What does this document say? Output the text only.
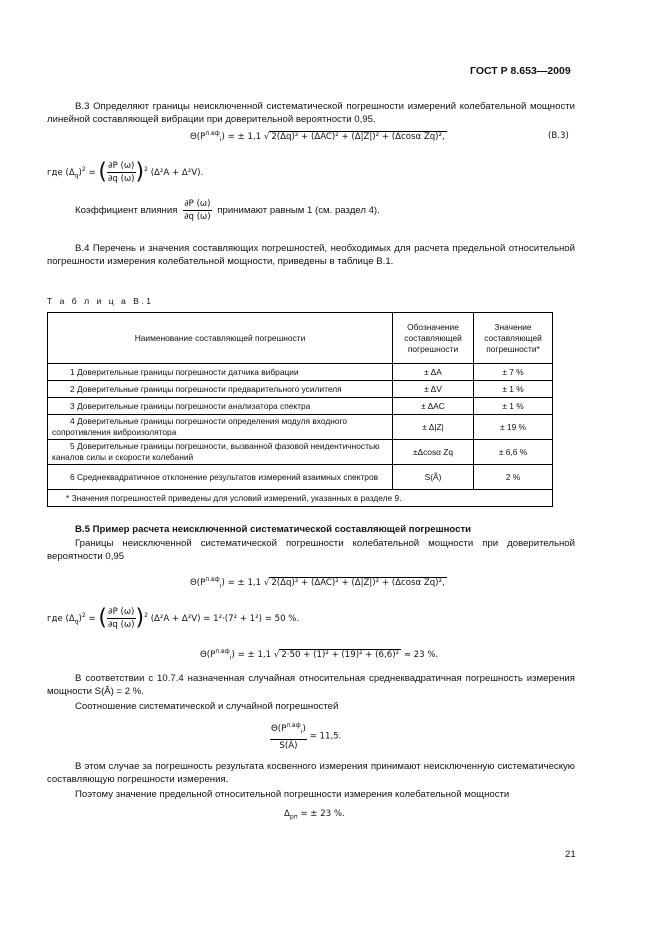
ГОСТ Р 8.653—2009
В.3 Определяют границы неисключенной систематической погрешности измерений колебательной мощности линейной составляющей вибрации при доверительной вероятности 0,95.
$\Theta(P^{п.вф}_i)$ = ± 1,1 √ 2(Δq)² + (ΔAC)² + (Δ|Z|)² + (Δcosα Zq)²,	(В.3)
где $(\Delta_q)^2$ = ( $\frac{\partial P (\omega)}{\partial q (\omega)} )^2$ (Δ²A + Δ²V).
Коэффициент влияния $\frac{\partial P (\omega)}{\partial q (\omega)}$ принимают равным 1 (см. раздел 4).
В.4 Перечень и значения составляющих погрешностей, необходимых для расчета предельной относительной погрешности измерения колебательной мощности, приведены в таблице В.1.
Т а б л и ц а В.1
Наименование составляющей погрешности	Обозначение составляющей погрешности	Значение составляющей погрешности*
1 Доверительные границы погрешности датчика вибрации	± ΔA	± 7 %
2 Доверительные границы погрешности предварительного усилителя	± ΔV	± 1 %
3 Доверительные границы погрешности анализатора спектра	± ΔAC	± 1 %
4 Доверительные границы погрешности определения модуля входного сопротивления виброизолятора	± Δ|Z|	± 19 %
5 Доверительные границы погрешности, вызванной фазовой неидентичностью каналов силы и скорости колебаний	±Δcosα Zq	± 6,6 %
6 Среднеквадратичное отклонение результатов измерений взаимных спектров	S(Ã)	2 %
* Значения погрешностей приведены для условий измерений, указанных в разделе 9.		
В.5 Пример расчета неисключенной систематической составляющей погрешности
Границы неисключенной систематической погрешности колебательной мощности при доверительной вероятности 0,95
$\Theta(P^{п.вф}_i)$ = ± 1,1 √ 2(Δq)² + (ΔAC)² + (Δ|Z|)² + (Δcosα Zq)²,
где $(\Delta_q)^2$ = ( $\frac{\partial P (\omega)}{\partial q (\omega)} )^2$ (Δ²A + Δ²V) = 1²·(7² + 1²) = 50 %.
$\Theta(P^{п.вф}_i)$ = ± 1,1 √ 2·50 + (1)² + (19)² + (6,6)² ≈ 23 %.
В соответствии с 10.7.4 назначенная случайная относительная среднеквадратичная погрешность измерения мощности S(Ã) = 2 %.
Соотношение систематической и случайной погрешностей
$\frac{\Theta(P^{п.вф}_i)}{S(Ã)} = 11,5$.
В этом случае за погрешность результата косвенного измерения принимают неисключенную систематическую составляющую погрешности измерения.
Поэтому значение предельной относительной погрешности измерения колебательной мощности
$\Delta_{рп}$ = ± 23 %.
21
